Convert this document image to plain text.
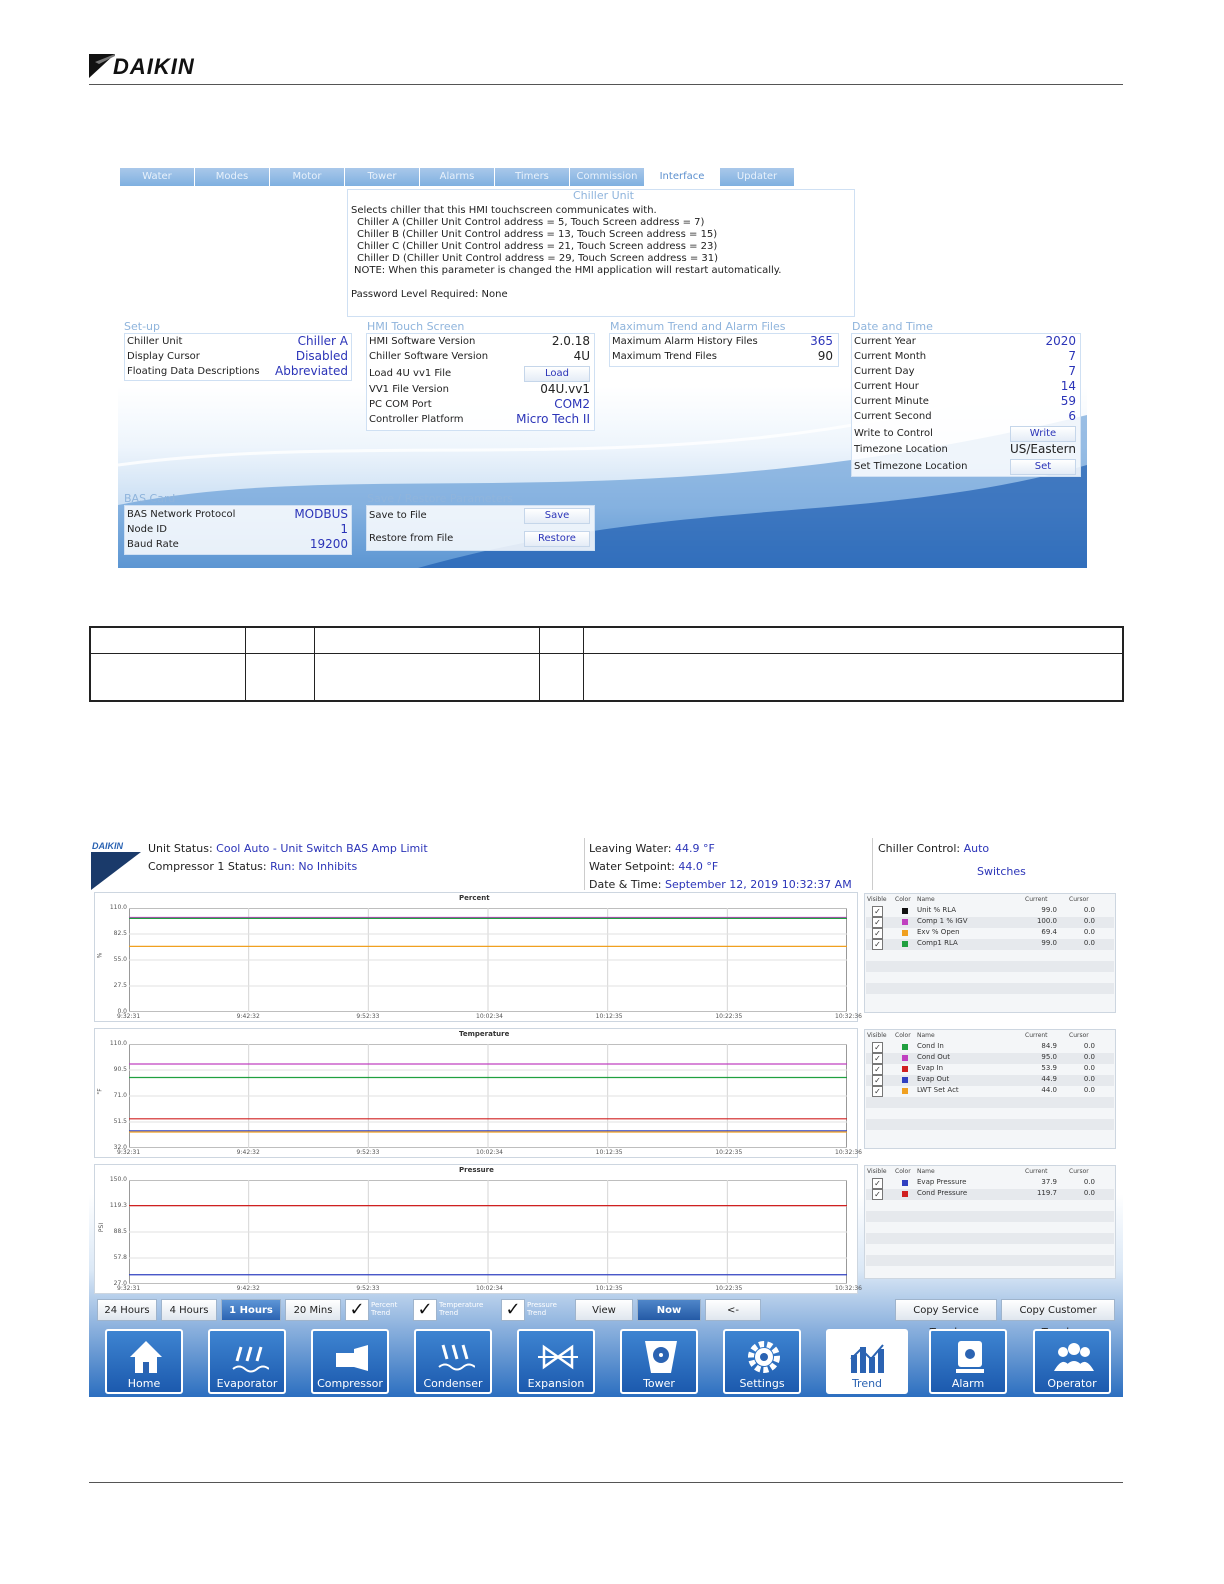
DAIKIN
Water	Modes	Motor	Tower	Alarms	Timers	Commission	Interface	Updater
Chiller Unit
Selects chiller that this HMI touchscreen communicates with.
Chiller A (Chiller Unit Control address = 5, Touch Screen address = 7)
Chiller B (Chiller Unit Control address = 13, Touch Screen address = 15)
Chiller C (Chiller Unit Control address = 21, Touch Screen address = 23)
Chiller D (Chiller Unit Control address = 29, Touch Screen address = 31)
NOTE: When this parameter is changed the HMI application will restart automatically.
Password Level Required: None
Set-up
Chiller Unit	Chiller A
Display Cursor	Disabled
Floating Data Descriptions	Abbreviated
HMI Touch Screen
HMI Software Version	2.0.18
Chiller Software Version	4U
Load 4U vv1 File	Load
VV1 File Version	04U.vv1
PC COM Port	COM2
Controller Platform	Micro Tech II
Maximum Trend and Alarm Files
Maximum Alarm History Files	365
Maximum Trend Files	90
Date and Time
Current Year	2020
Current Month	7
Current Day	7
Current Hour	14
Current Minute	59
Current Second	6
Write to Control	Write
Timezone Location	US/Eastern
Set Timezone Location	Set
BAS Card
BAS Network Protocol	MODBUS
Node ID	1
Baud Rate	19200
Save / Restore Parameters
Save to File	Save
Restore from File	Restore
DAIKIN Unit Status: Cool Auto - Unit Switch BAS Amp Limit
Compressor 1 Status: Run: No Inhibits
Leaving Water: 44.9 °F
Water Setpoint: 44.0 °F
Date & Time: September 12, 2019 10:32:37 AM
Chiller Control: Auto
Switches
Percent
%
110.0
82.5
55.0
27.5
0.0
9:32:31	9:42:32	9:52:33	10:02:34	10:12:35	10:22:35	10:32:36
Visible Color Name	Current	Cursor
✓	Unit % RLA	99.0	0.0
✓	Comp 1 % IGV	100.0	0.0
✓	Exv % Open	69.4	0.0
✓	Comp1 RLA	99.0	0.0
Temperature
°F
110.0
90.5
71.0
51.5
32.0
9:32:31	9:42:32	9:52:33	10:02:34	10:12:35	10:22:35	10:32:36
Visible Color Name	Current	Cursor
✓	Cond In	84.9	0.0
✓	Cond Out	95.0	0.0
✓	Evap In	53.9	0.0
✓	Evap Out	44.9	0.0
✓	LWT Set Act	44.0	0.0
Pressure
PSI
150.0
119.3
88.5
57.8
27.0
9:32:31	9:42:32	9:52:33	10:02:34	10:12:35	10:22:35	10:32:36
Visible Color Name	Current	Cursor
✓	Evap Pressure	37.9	0.0
✓	Cond Pressure	119.7	0.0
24 Hours	4 Hours	1 Hours	20 Mins ✓ Percent Trend	✓ Temperature Trend	✓ Pressure Trend	View	Now	<-	Copy Service	Copy Customer
Home	Evaporator	Compressor	Condenser	Expansion	Tower	Settings	Trend	Alarm	Operator
